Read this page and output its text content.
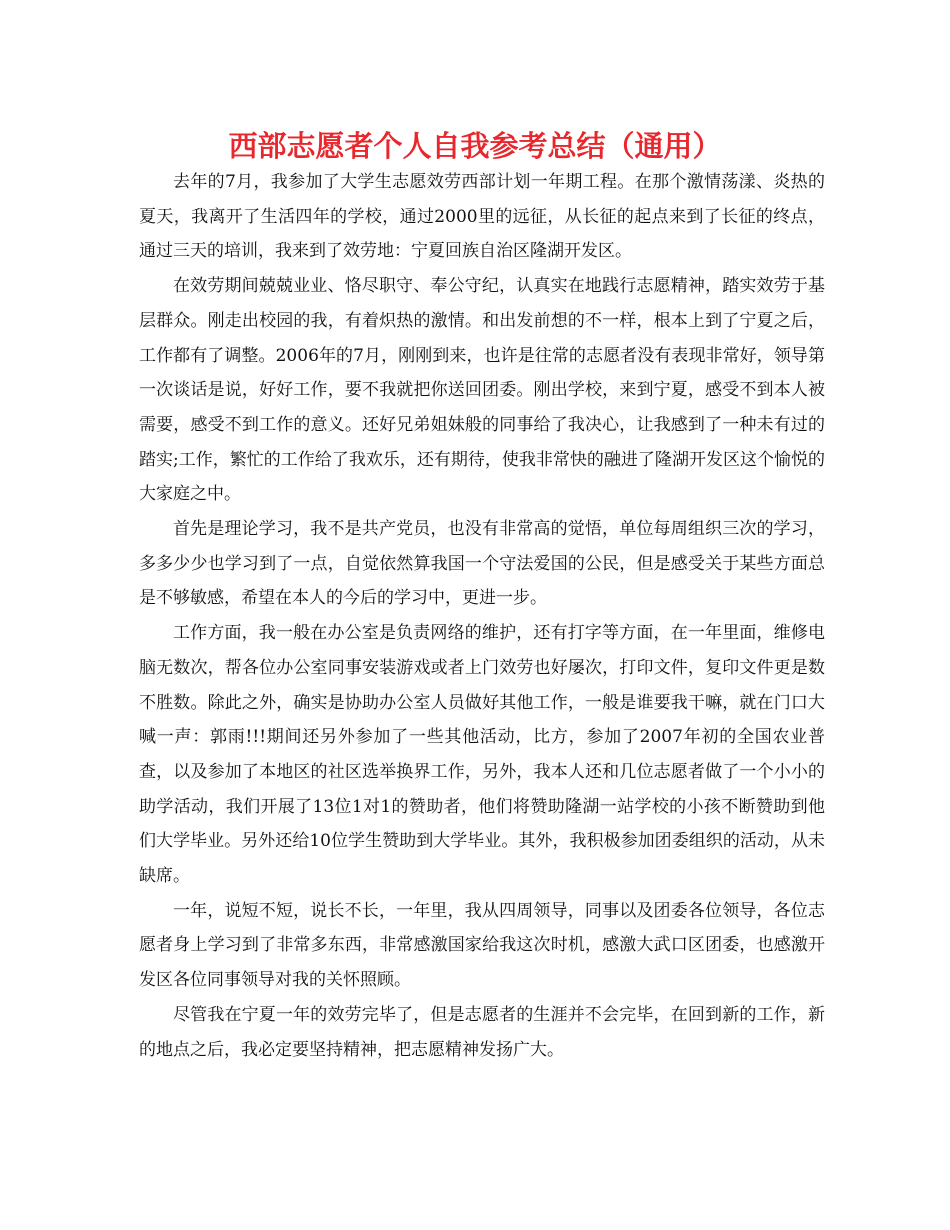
西部志愿者个人自我参考总结（通用）

去年的7月，我参加了大学生志愿效劳西部计划一年期工程。在那个激情荡漾、炎热的夏天，我离开了生活四年的学校，通过2000里的远征，从长征的起点来到了长征的终点，通过三天的培训，我来到了效劳地：宁夏回族自治区隆湖开发区。

在效劳期间兢兢业业、恪尽职守、奉公守纪，认真实在地践行志愿精神，踏实效劳于基层群众。刚走出校园的我，有着炽热的激情。和出发前想的不一样，根本上到了宁夏之后，工作都有了调整。2006年的7月，刚刚到来，也许是往常的志愿者没有表现非常好，领导第一次谈话是说，好好工作，要不我就把你送回团委。刚出学校，来到宁夏，感受不到本人被需要，感受不到工作的意义。还好兄弟姐妹般的同事给了我决心，让我感到了一种未有过的踏实;工作，繁忙的工作给了我欢乐，还有期待，使我非常快的融进了隆湖开发区这个愉悦的大家庭之中。

首先是理论学习，我不是共产党员，也没有非常高的觉悟，单位每周组织三次的学习，多多少少也学习到了一点，自觉依然算我国一个守法爱国的公民，但是感受关于某些方面总是不够敏感，希望在本人的今后的学习中，更进一步。

工作方面，我一般在办公室是负责网络的维护，还有打字等方面，在一年里面，维修电脑无数次，帮各位办公室同事安装游戏或者上门效劳也好屡次，打印文件，复印文件更是数不胜数。除此之外，确实是协助办公室人员做好其他工作，一般是谁要我干嘛，就在门口大喊一声：郭雨!!!期间还另外参加了一些其他活动，比方，参加了2007年初的全国农业普查，以及参加了本地区的社区选举换界工作，另外，我本人还和几位志愿者做了一个小小的助学活动，我们开展了13位1对1的赞助者，他们将赞助隆湖一站学校的小孩不断赞助到他们大学毕业。另外还给10位学生赞助到大学毕业。其外，我积极参加团委组织的活动，从未缺席。

一年，说短不短，说长不长，一年里，我从四周领导，同事以及团委各位领导，各位志愿者身上学习到了非常多东西，非常感激国家给我这次时机，感激大武口区团委，也感激开发区各位同事领导对我的关怀照顾。

尽管我在宁夏一年的效劳完毕了，但是志愿者的生涯并不会完毕，在回到新的工作，新的地点之后，我必定要坚持精神，把志愿精神发扬广大。
